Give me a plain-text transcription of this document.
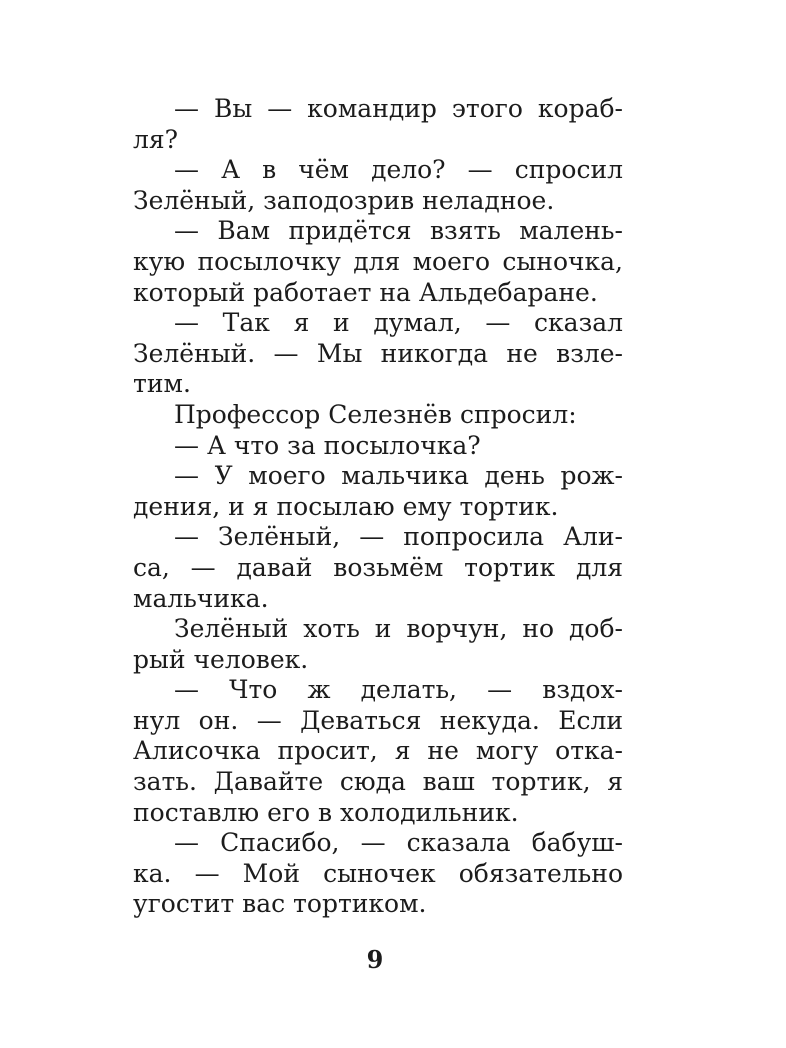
— Вы — командир этого кораб-
ля?
— А в чём дело? — спросил
Зелёный, заподозрив неладное.
— Вам придётся взять малень-
кую посылочку для моего сыночка,
который работает на Альдебаране.
— Так я и думал, — сказал
Зелёный. — Мы никогда не взле-
тим.
Профессор Селезнёв спросил:
— А что за посылочка?
— У моего мальчика день рож-
дения, и я посылаю ему тортик.
— Зелёный, — попросила Али-
са, — давай возьмём тортик для
мальчика.
Зелёный хоть и ворчун, но доб-
рый человек.
— Что ж делать, — вздох-
нул он. — Деваться некуда. Если
Алисочка просит, я не могу отка-
зать. Давайте сюда ваш тортик, я
поставлю его в холодильник.
— Спасибо, — сказала бабуш-
ка. — Мой сыночек обязательно
угостит вас тортиком.
9
